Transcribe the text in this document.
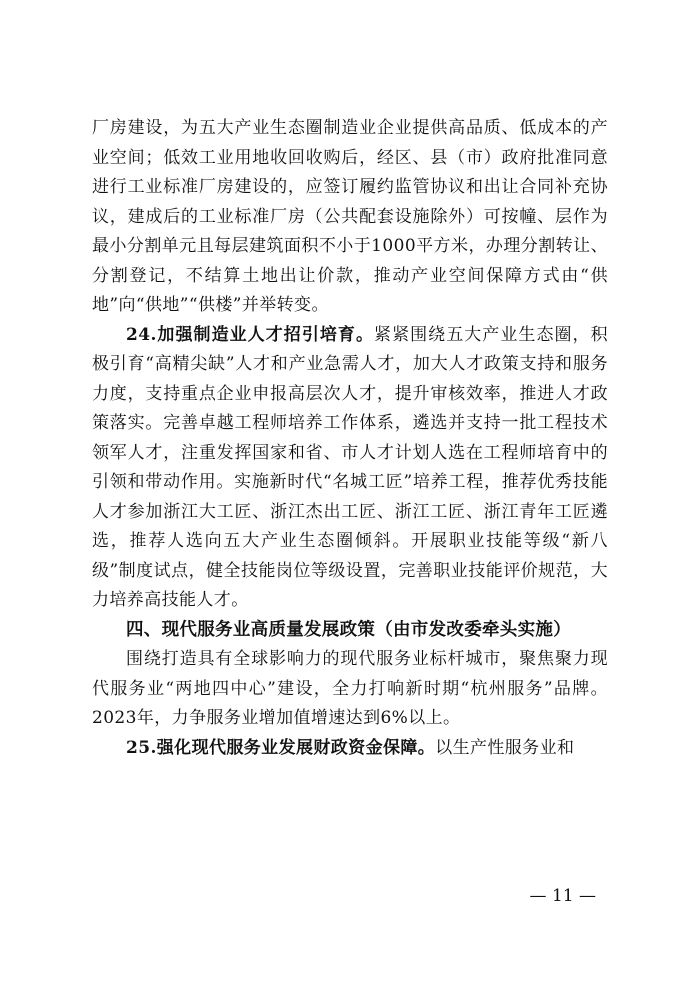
厂房建设，为五大产业生态圈制造业企业提供高品质、低成本的产业空间；低效工业用地收回收购后，经区、县（市）政府批准同意进行工业标准厂房建设的，应签订履约监管协议和出让合同补充协议，建成后的工业标准厂房（公共配套设施除外）可按幢、层作为最小分割单元且每层建筑面积不小于1000平方米，办理分割转让、分割登记，不结算土地出让价款，推动产业空间保障方式由“供地”向“供地”“供楼”并举转变。

24.加强制造业人才招引培育。紧紧围绕五大产业生态圈，积极引育“高精尖缺”人才和产业急需人才，加大人才政策支持和服务力度，支持重点企业申报高层次人才，提升审核效率，推进人才政策落实。完善卓越工程师培养工作体系，遴选并支持一批工程技术领军人才，注重发挥国家和省、市人才计划人选在工程师培育中的引领和带动作用。实施新时代“名城工匠”培养工程，推荐优秀技能人才参加浙江大工匠、浙江杰出工匠、浙江工匠、浙江青年工匠遴选，推荐人选向五大产业生态圈倾斜。开展职业技能等级“新八级”制度试点，健全技能岗位等级设置，完善职业技能评价规范，大力培养高技能人才。

四、现代服务业高质量发展政策（由市发改委牵头实施）

围绕打造具有全球影响力的现代服务业标杆城市，聚焦聚力现代服务业“两地四中心”建设，全力打响新时期“杭州服务”品牌。2023年，力争服务业增加值增速达到6%以上。

25.强化现代服务业发展财政资金保障。以生产性服务业和

— 11 —
